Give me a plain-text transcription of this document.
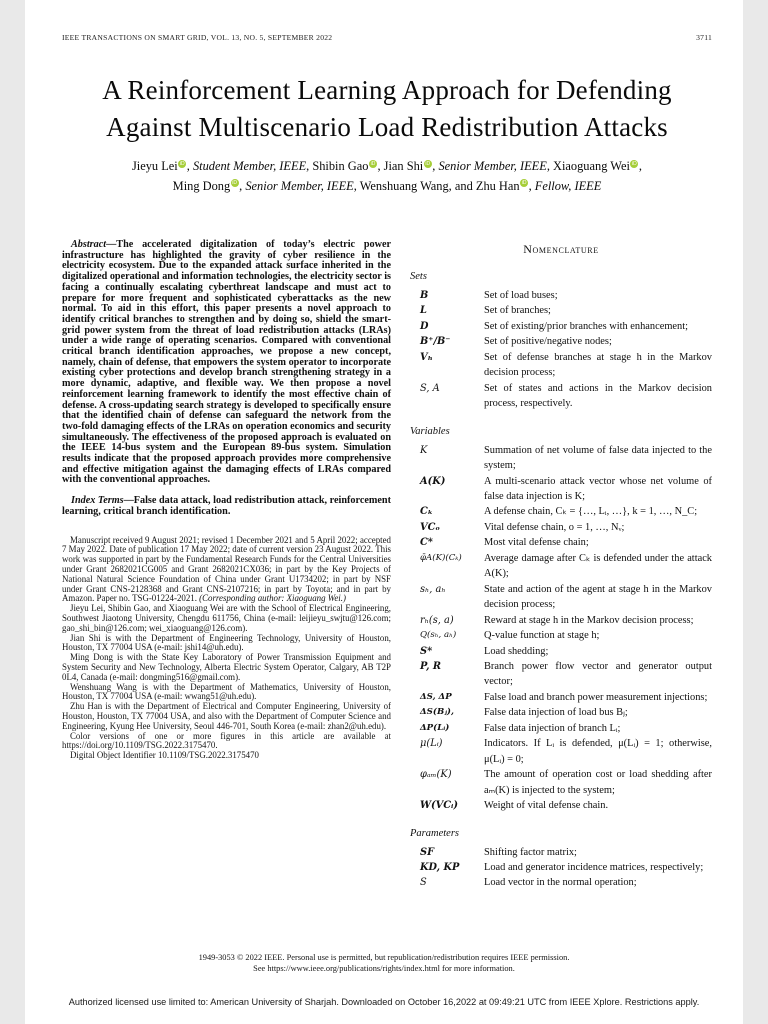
IEEE TRANSACTIONS ON SMART GRID, VOL. 13, NO. 5, SEPTEMBER 2022	3711
A Reinforcement Learning Approach for Defending
Against Multiscenario Load Redistribution Attacks
Jieyu Lei iD , Student Member, IEEE, Shibin Gao iD , Jian Shi iD , Senior Member, IEEE, Xiaoguang Wei iD ,
Ming Dong iD , Senior Member, IEEE, Wenshuang Wang, and Zhu Han iD , Fellow, IEEE

Abstract—The accelerated digitalization of today’s electric power infrastructure has highlighted the gravity of cyber resilience in the electricity ecosystem. Due to the expanded attack surface inherited in the digitalized operational and information technologies, the electricity sector is facing a continually escalating cyberthreat landscape and must act to prepare for more frequent and sophisticated cyberattacks as the new normal. To aid in this effort, this paper presents a novel approach to identify critical branches to strengthen and by doing so, shield the smart-grid power system from the threat of load redistribution attacks (LRAs) under a wide range of operating scenarios. Compared with conventional critical branch identification approaches, we propose a new concept, namely, chain of defense, that empowers the system operator to incorporate existing cyber protections and develop branch strengthening strategy in a more dynamic, adaptive, and flexible way. We then propose a novel reinforcement learning framework to identify the most effective chain of defense. A cross-updating search strategy is developed to specifically ensure that the identified chain of defense can safeguard the network from the two-fold damaging effects of the LRAs on operation economics and security simultaneously. The effectiveness of the proposed approach is evaluated on the IEEE 14-bus system and the European 89-bus system. Simulation results indicate that the proposed approach provides more comprehensive and effective mitigation against the damaging effects of LRAs compared with the conventional approaches.

Index Terms—False data attack, load redistribution attack, reinforcement learning, critical branch identification.

Manuscript received 9 August 2021; revised 1 December 2021 and 5 April 2022; accepted 7 May 2022. Date of publication 17 May 2022; date of current version 23 August 2022. This work was supported in part by the Fundamental Research Funds for the Central Universities under Grant 2682021CG005 and Grant 2682021CX036; in part by the Key Projects of National Natural Science Foundation of China under Grant U1734202; in part by NSF under Grant CNS-2128368 and Grant CNS-2107216; in part by Toyota; and in part by Amazon. Paper no. TSG-01224-2021. (Corresponding author: Xiaoguang Wei.)

Jieyu Lei, Shibin Gao, and Xiaoguang Wei are with the School of Electrical Engineering, Southwest Jiaotong University, Chengdu 611756, China (e-mail: leijieyu_swjtu@126.com; gao_shi_bin@126.com; wei_xiaoguang@126.com).

Jian Shi is with the Department of Engineering Technology, University of Houston, Houston, TX 77004 USA (e-mail: jshi14@uh.edu).

Ming Dong is with the State Key Laboratory of Power Transmission Equipment and System Security and New Technology, Alberta Electric System Operator, Calgary, AB T2P 0L4, Canada (e-mail: dongming516@gmail.com).

Wenshuang Wang is with the Department of Mathematics, University of Houston, Houston, TX 77004 USA (e-mail: wwang51@uh.edu).

Zhu Han is with the Department of Electrical and Computer Engineering, University of Houston, Houston, TX 77004 USA, and also with the Department of Computer Science and Engineering, Kyung Hee University, Seoul 446-701, South Korea (e-mail: zhan2@uh.edu).

Color versions of one or more figures in this article are available at https://doi.org/10.1109/TSG.2022.3175470.

Digital Object Identifier 10.1109/TSG.2022.3175470

Nomenclature
Sets
B	Set of load buses;
L	Set of branches;
D	Set of existing/prior branches with enhancement;
B⁺/B⁻	Set of positive/negative nodes;
Vₕ	Set of defense branches at stage h in the Markov decision process;
S, A	Set of states and actions in the Markov decision process, respectively.
Variables
K	Summation of net volume of false data injected to the system;
A(K)	A multi-scenario attack vector whose net volume of false data injection is K;
Cₖ	A defense chain, Cₖ = {…, Lᵢ, …}, k = 1, …, N_C;
VCₒ	Vital defense chain, o = 1, …, Nᵥ;
C*	Most vital defense chain;
φ̄A(K)(Cₖ)	Average damage after Cₖ is defended under the attack A(K);
sₕ, aₕ	State and action of the agent at stage h in the Markov decision process;
rₕ(s, a)	Reward at stage h in the Markov decision process;
Q(sₕ, aₕ)	Q-value function at stage h;
S*	Load shedding;
P, R	Branch power flow vector and generator output vector;
ΔS, ΔP	False load and branch power measurement injections;
ΔS(Bⱼ),	False data injection of load bus Bⱼ;
ΔP(Lᵢ)	False data injection of branch Lᵢ;
μ(Lᵢ)	Indicators. If Lᵢ is defended, μ(Lᵢ) = 1; otherwise, μ(Lᵢ) = 0;
φₐₘ(K)	The amount of operation cost or load shedding after aₘ(K) is injected to the system;
W(VCᵢ)	Weight of vital defense chain.
Parameters
SF	Shifting factor matrix;
KD, KP	Load and generator incidence matrices, respectively;
S	Load vector in the normal operation;
1949-3053 © 2022 IEEE. Personal use is permitted, but republication/redistribution requires IEEE permission.
See https://www.ieee.org/publications/rights/index.html for more information.
Authorized licensed use limited to: American University of Sharjah. Downloaded on October 16,2022 at 09:49:21 UTC from IEEE Xplore. Restrictions apply.
